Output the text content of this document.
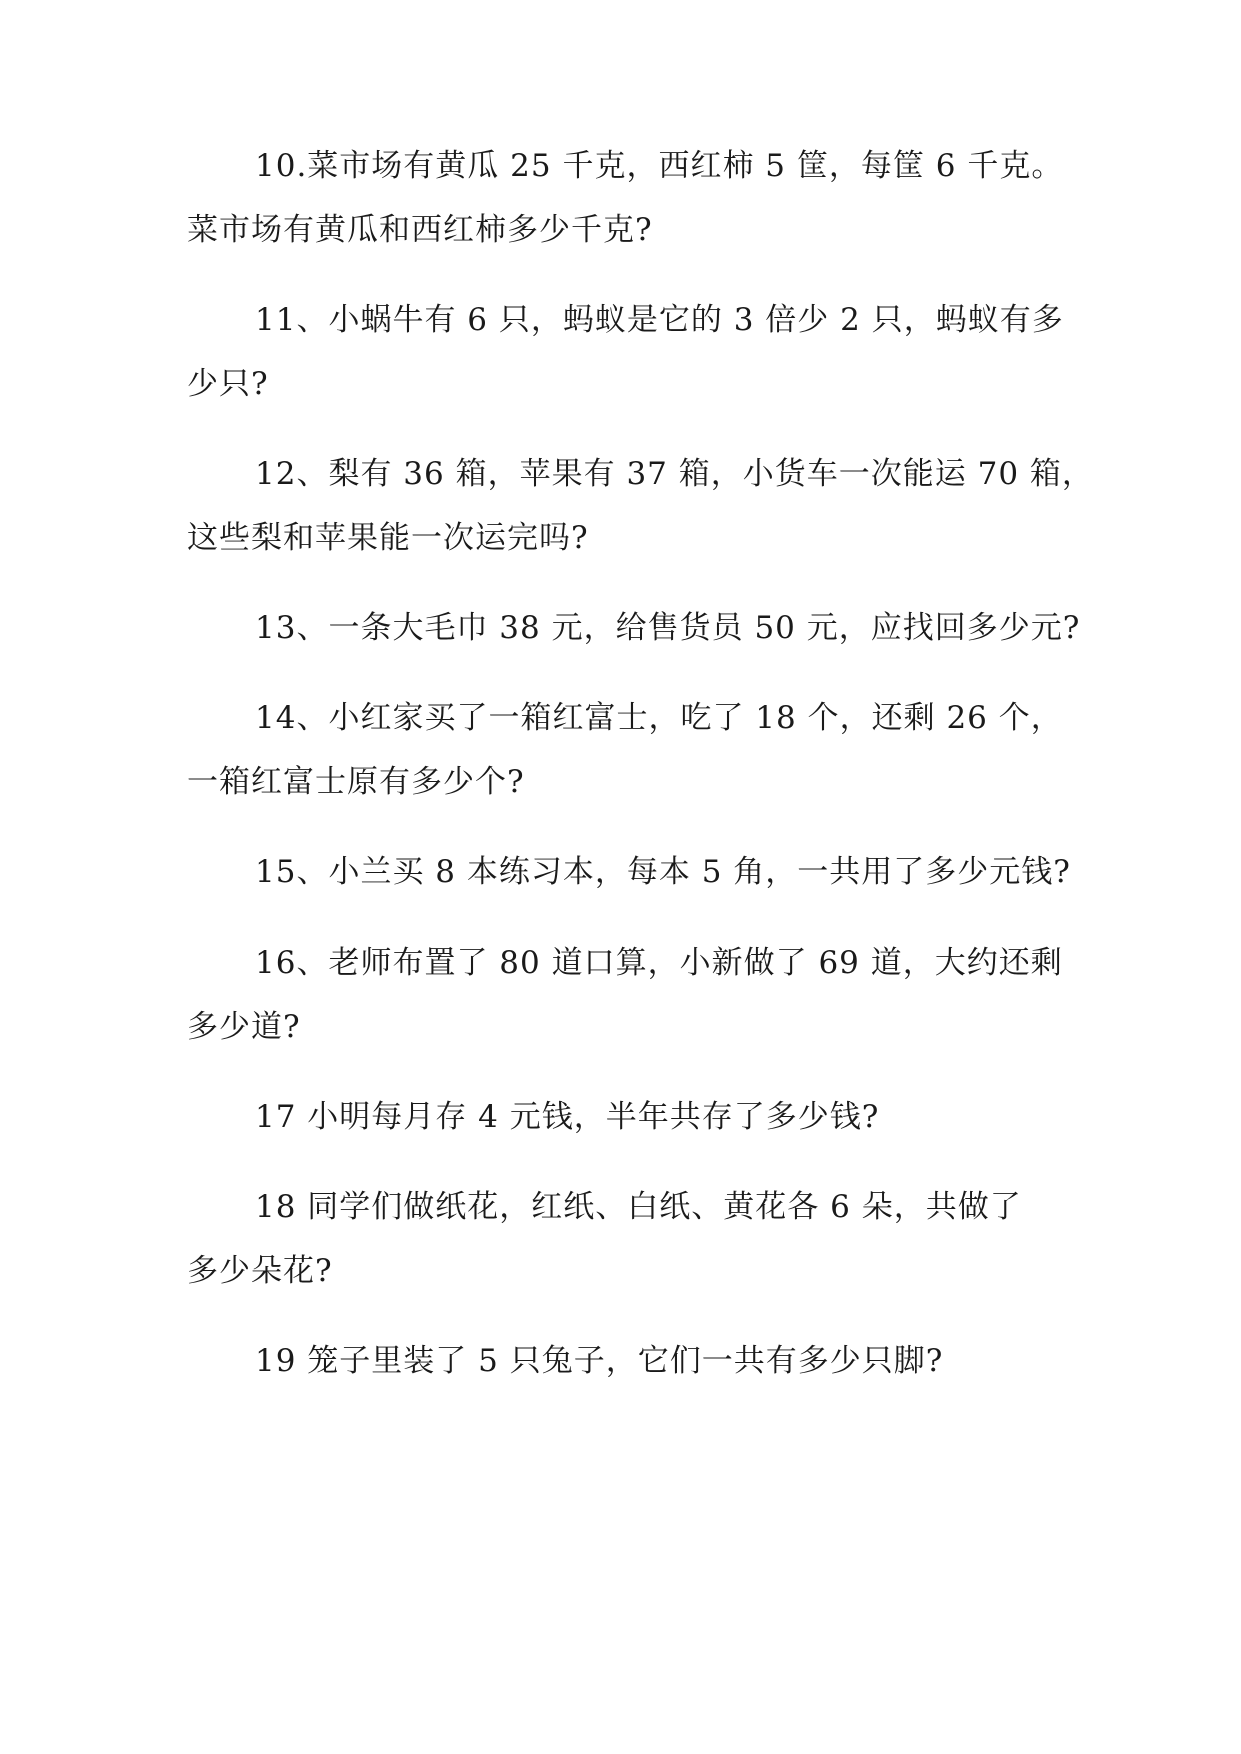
10.菜市场有黄瓜 25 千克，西红柿 5 筐，每筐 6 千克。
菜市场有黄瓜和西红柿多少千克?
11、小蜗牛有 6 只，蚂蚁是它的 3 倍少 2 只，蚂蚁有多
少只?
12、梨有 36 箱，苹果有 37 箱，小货车一次能运 70 箱，
这些梨和苹果能一次运完吗?
13、一条大毛巾 38 元，给售货员 50 元，应找回多少元?
14、小红家买了一箱红富士，吃了 18 个，还剩 26 个，
一箱红富士原有多少个?
15、小兰买 8 本练习本，每本 5 角，一共用了多少元钱?
16、老师布置了 80 道口算，小新做了 69 道，大约还剩
多少道?
17 小明每月存 4 元钱，半年共存了多少钱?
18 同学们做纸花，红纸、白纸、黄花各 6 朵，共做了
多少朵花?
19 笼子里装了 5 只兔子，它们一共有多少只脚?
